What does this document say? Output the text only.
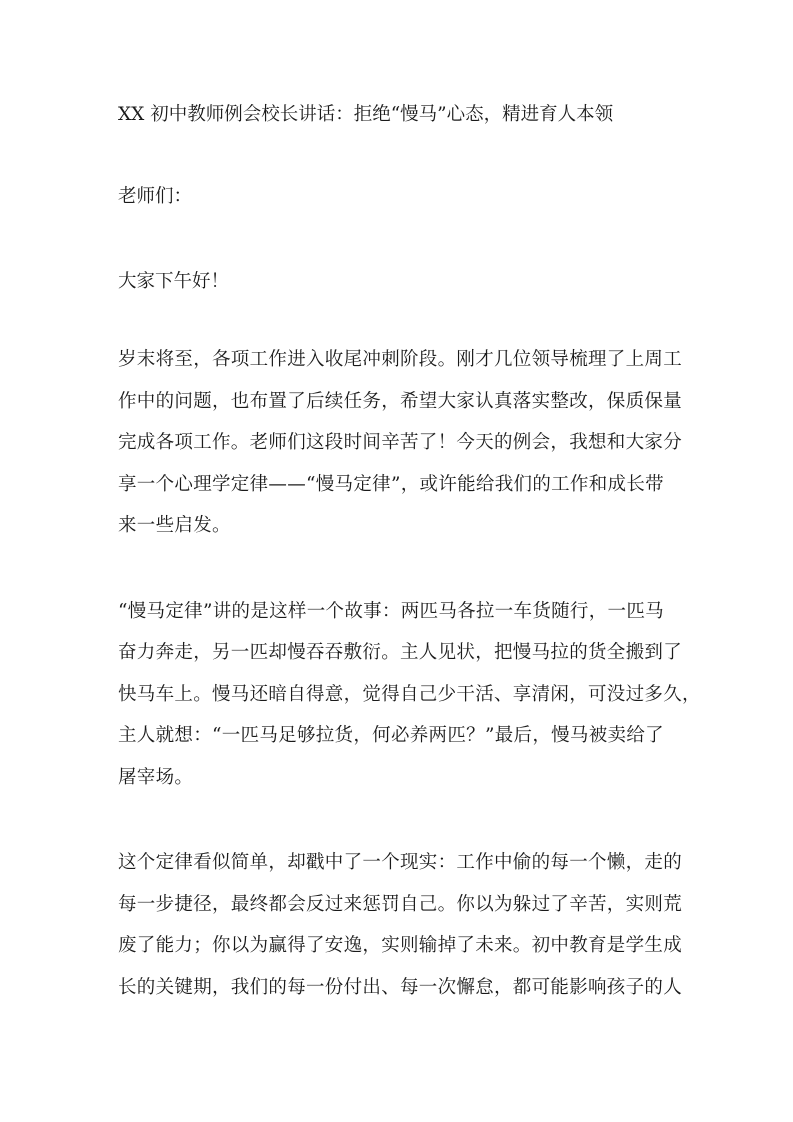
XX 初中教师例会校长讲话：拒绝“慢马”心态，精进育人本领

老师们：

大家下午好！

岁末将至，各项工作进入收尾冲刺阶段。刚才几位领导梳理了上周工
作中的问题，也布置了后续任务，希望大家认真落实整改，保质保量
完成各项工作。老师们这段时间辛苦了！今天的例会，我想和大家分
享一个心理学定律——“慢马定律”，或许能给我们的工作和成长带
来一些启发。

“慢马定律”讲的是这样一个故事：两匹马各拉一车货随行，一匹马
奋力奔走，另一匹却慢吞吞敷衍。主人见状，把慢马拉的货全搬到了
快马车上。慢马还暗自得意，觉得自己少干活、享清闲，可没过多久，
主人就想：“一匹马足够拉货，何必养两匹？”最后，慢马被卖给了
屠宰场。

这个定律看似简单，却戳中了一个现实：工作中偷的每一个懒，走的
每一步捷径，最终都会反过来惩罚自己。你以为躲过了辛苦，实则荒
废了能力；你以为赢得了安逸，实则输掉了未来。初中教育是学生成
长的关键期，我们的每一份付出、每一次懈怠，都可能影响孩子的人
